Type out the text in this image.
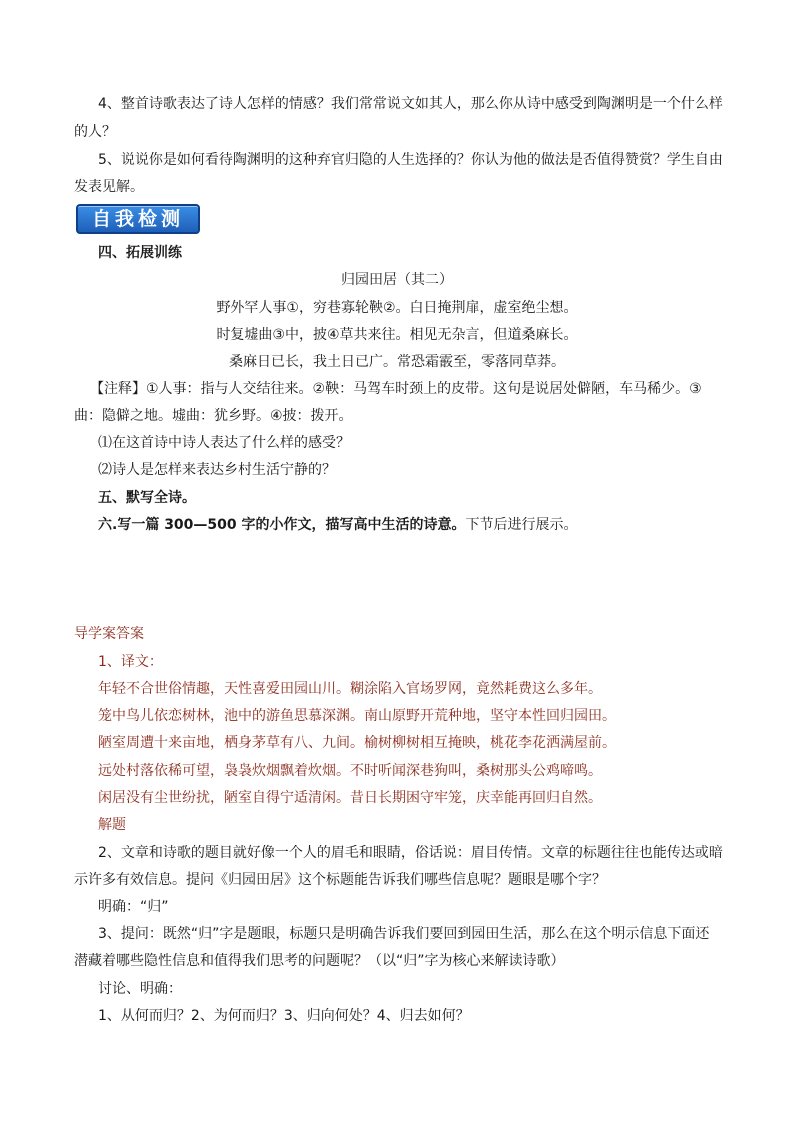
4、整首诗歌表达了诗人怎样的情感？我们常常说文如其人，那么你从诗中感受到陶渊明是一个什么样
的人？
5、说说你是如何看待陶渊明的这种弃官归隐的人生选择的？你认为他的做法是否值得赞赏？学生自由
发表见解。
自我检测
四、拓展训练
归园田居（其二）
野外罕人事①，穷巷寡轮鞅②。白日掩荆扉，虚室绝尘想。
时复墟曲③中，披④草共来往。相见无杂言，但道桑麻长。
桑麻日已长，我土日已广。常恐霜霰至，零落同草莽。
【注释】①人事：指与人交结往来。②鞅：马驾车时颈上的皮带。这句是说居处僻陋，车马稀少。③
曲：隐僻之地。墟曲：犹乡野。④披：拨开。
⑴在这首诗中诗人表达了什么样的感受？
⑵诗人是怎样来表达乡村生活宁静的？
五、默写全诗。
六.写一篇 300—500 字的小作文，描写高中生活的诗意。下节后进行展示。
导学案答案
1、译文：
年轻不合世俗情趣，天性喜爱田园山川。糊涂陷入官场罗网，竟然耗费这么多年。
笼中鸟儿依恋树林，池中的游鱼思慕深渊。南山原野开荒种地，坚守本性回归园田。
陋室周遭十来亩地，栖身茅草有八、九间。榆树柳树相互掩映，桃花李花洒满屋前。
远处村落依稀可望，袅袅炊烟飘着炊烟。不时听闻深巷狗叫，桑树那头公鸡啼鸣。
闲居没有尘世纷扰，陋室自得宁适清闲。昔日长期困守牢笼，庆幸能再回归自然。
解题
2、文章和诗歌的题目就好像一个人的眉毛和眼睛，俗话说：眉目传情。文章的标题往往也能传达或暗
示许多有效信息。提问《归园田居》这个标题能告诉我们哪些信息呢？题眼是哪个字？
明确：“归”
3、提问：既然“归”字是题眼，标题只是明确告诉我们要回到园田生活，那么在这个明示信息下面还
潜藏着哪些隐性信息和值得我们思考的问题呢？（以“归”字为核心来解读诗歌）
讨论、明确：
1、从何而归？2、为何而归？3、归向何处？4、归去如何？
